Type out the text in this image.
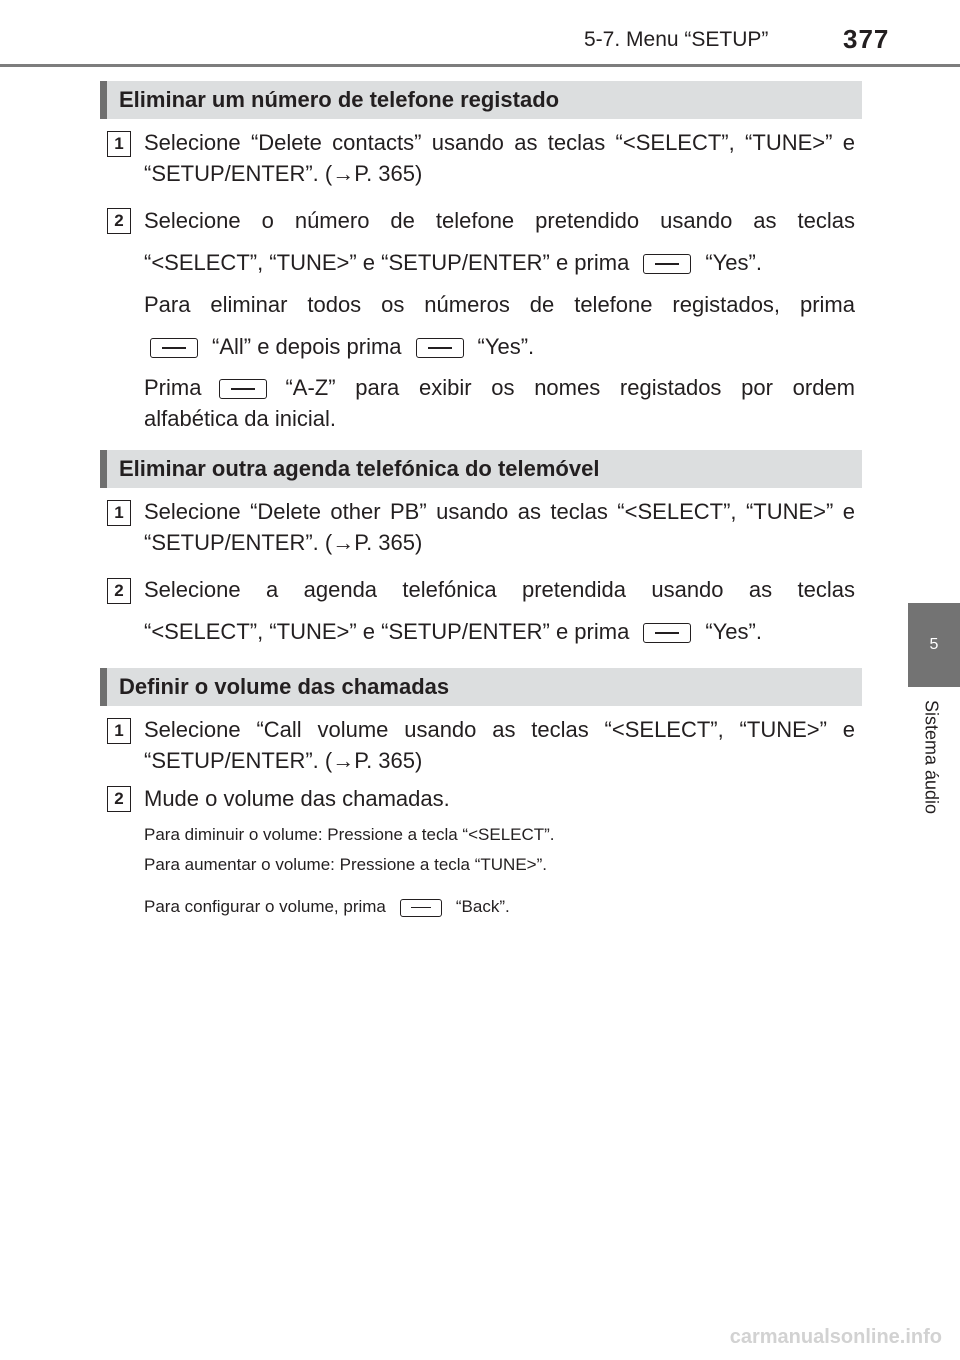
5-7. Menu “SETUP”	377
5
Sistema áudio
Eliminar um número de telefone registado
1 Selecione “Delete contacts” usando as teclas “<SELECT”, “TUNE>” e “SETUP/ENTER”. (→P. 365)

2 Selecione o número de telefone pretendido usando as teclas

“<SELECT”, “TUNE>” e “SETUP/ENTER” e prima	“Yes”.

Para eliminar todos os números de telefone registados, prima

“All” e depois prima	“Yes”.

Prima	“A-Z” para exibir os nomes registados por ordem alfabética da inicial.

Eliminar outra agenda telefónica do telemóvel
1 Selecione “Delete other PB” usando as teclas “<SELECT”, “TUNE>” e “SETUP/ENTER”. (→P. 365)

2 Selecione a agenda telefónica pretendida usando as teclas

“<SELECT”, “TUNE>” e “SETUP/ENTER” e prima	“Yes”.

Definir o volume das chamadas
1 Selecione “Call volume usando as teclas “<SELECT”, “TUNE>” e “SETUP/ENTER”. (→P. 365)

2 Mude o volume das chamadas.

Para diminuir o volume: Pressione a tecla “<SELECT”.

Para aumentar o volume: Pressione a tecla “TUNE>”.

Para configurar o volume, prima	“Back”.

carmanualsonline.info
